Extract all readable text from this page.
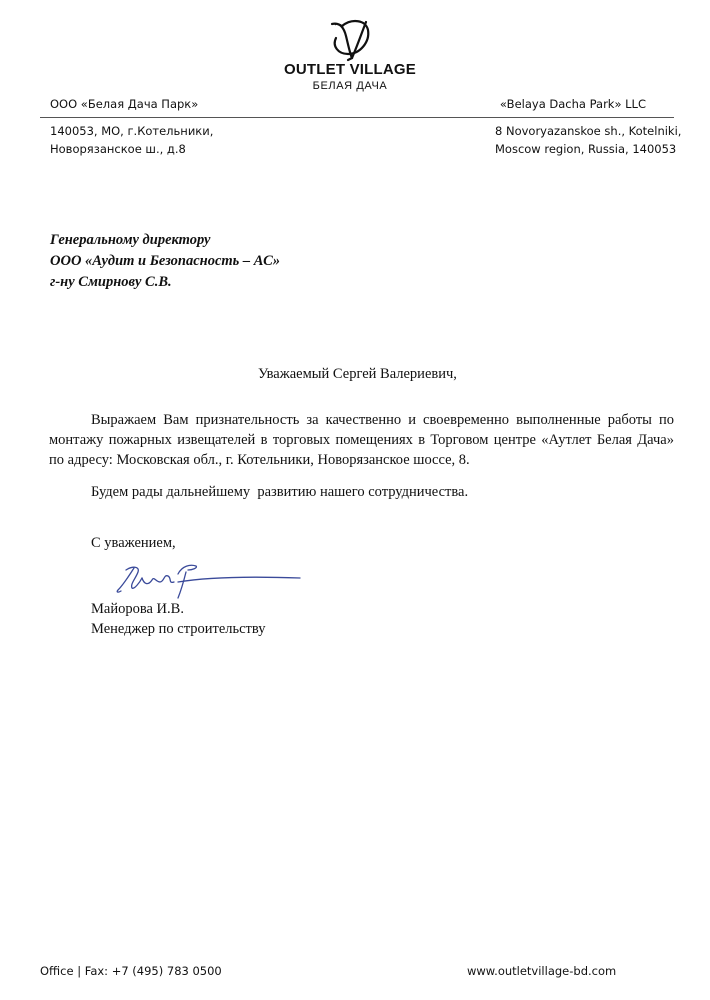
OUTLET VILLAGE
БЕЛАЯ ДАЧА
ООО «Белая Дача Парк»	«Belaya Dacha Park» LLC
140053, МО, г.Котельники,
Новорязанское ш., д.8
8 Novoryazanskoe sh., Kotelniki,
Moscow region, Russia, 140053
Генеральному директору
ООО «Аудит и Безопасность – АС»
г-ну Смирнову С.В.
Уважаемый Сергей Валериевич,
Выражаем Вам признательность за качественно и своевременно выполненные работы по
монтажу пожарных извещателей в торговых помещениях в Торговом центре «Аутлет Белая Дача»
по адресу: Московская обл., г. Котельники, Новорязанское шоссе, 8.
Будем рады дальнейшему  развитию нашего сотрудничества.
С уважением,
Майорова И.В.
Менеджер по строительству
Office | Fax: +7 (495) 783 0500	www.outletvillage-bd.com
